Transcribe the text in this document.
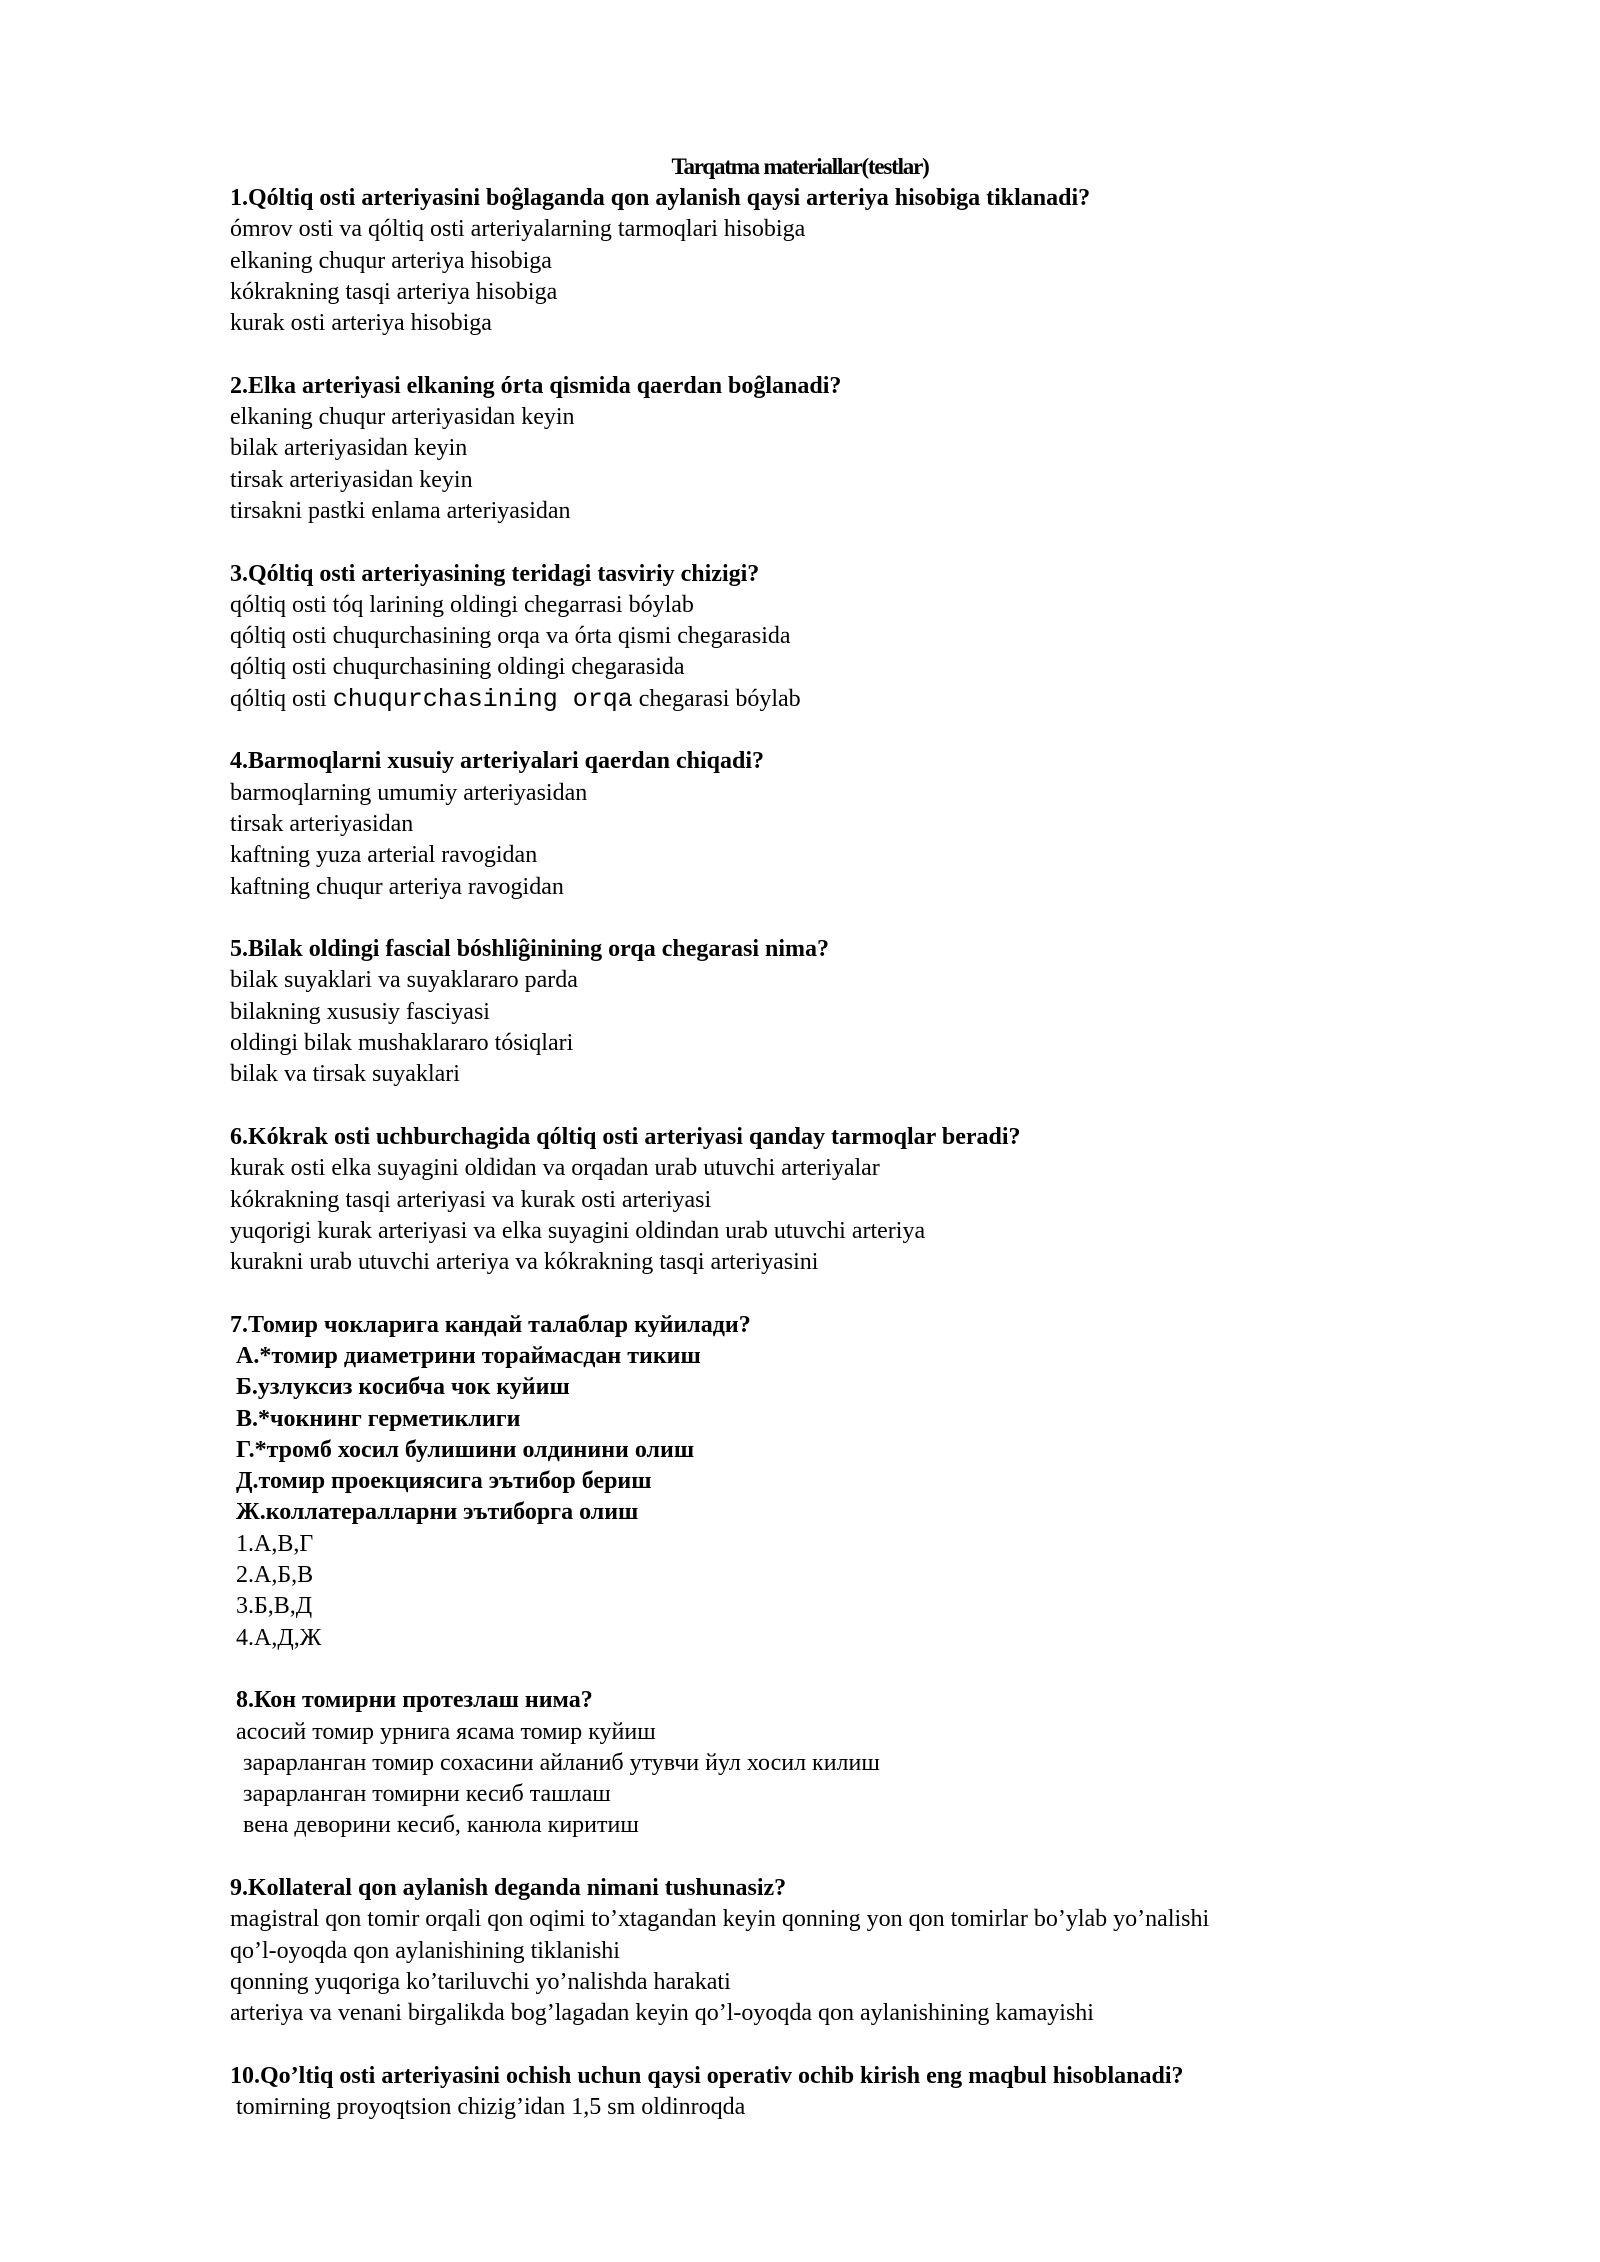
Tarqatma materiallar(testlar)
1.Qóltiq osti arteriyasini boĝlaganda qon aylanish qaysi arteriya hisobiga tiklanadi?
ómrov osti va qóltiq osti arteriyalarning tarmoqlari hisobiga
elkaning chuqur arteriya hisobiga
kókrakning tasqi arteriya hisobiga
kurak osti arteriya hisobiga
2.Elka arteriyasi elkaning órta qismida qaerdan boĝlanadi?
elkaning chuqur arteriyasidan keyin
bilak arteriyasidan keyin
tirsak arteriyasidan keyin
tirsakni pastki enlama arteriyasidan
3.Qóltiq osti arteriyasining teridagi tasviriy chizigi?
qóltiq osti tóq larining oldingi chegarrasi bóylab
qóltiq osti chuqurchasining orqa va órta qismi chegarasida
qóltiq osti chuqurchasining oldingi chegarasida
qóltiq osti chuqurchasining orqa chegarasi bóylab
4.Barmoqlarni xusuiy arteriyalari qaerdan chiqadi?
barmoqlarning umumiy arteriyasidan
tirsak arteriyasidan
kaftning yuza arterial ravogidan
kaftning chuqur arteriya ravogidan
5.Bilak oldingi fascial bóshliĝinining orqa chegarasi nima?
bilak suyaklari va suyaklararo parda
bilakning xususiy fasciyasi
oldingi bilak mushaklararo tósiqlari
bilak va tirsak suyaklari
6.Kókrak osti uchburchagida qóltiq osti arteriyasi qanday tarmoqlar beradi?
kurak osti elka suyagini oldidan va orqadan urab utuvchi arteriyalar
kókrakning tasqi arteriyasi va kurak osti arteriyasi
yuqorigi kurak arteriyasi va elka suyagini oldindan urab utuvchi arteriya
kurakni urab utuvchi arteriya va kókrakning tasqi arteriyasini
7.Томир чокларига кандай талаблар куйилади?
А.*томир диаметрини тораймасдан тикиш
Б.узлуксиз косибча чок куйиш
В.*чокнинг герметиклиги
Г.*тромб хосил булишини олдинини олиш
Д.томир проекциясига эътибор бериш
Ж.коллатералларни эътиборга олиш
1.А,В,Г
2.А,Б,В
3.Б,В,Д
4.А,Д,Ж
8.Кон томирни протезлаш нима?
асосий томир урнига ясама томир куйиш
зарарланган томир сохасини айланиб утувчи йул хосил килиш
зарарланган томирни кесиб ташлаш
вена деворини кесиб, канюла киритиш
9.Kollateral qon aylanish deganda nimani tushunasiz?
magistral qon tomir orqali qon oqimi to’xtagandan keyin qonning yon qon tomirlar bo’ylab yo’nalishi
qo’l-oyoqda qon aylanishining tiklanishi
qonning yuqoriga ko’tariluvchi yo’nalishda harakati
arteriya va venani birgalikda bog’lagadan keyin qo’l-oyoqda qon aylanishining kamayishi
10.Qo’ltiq osti arteriyasini ochish uchun qaysi operativ ochib kirish eng maqbul hisoblanadi?
tomirning proyoqtsion chizig’idan 1,5 sm oldinroqda
